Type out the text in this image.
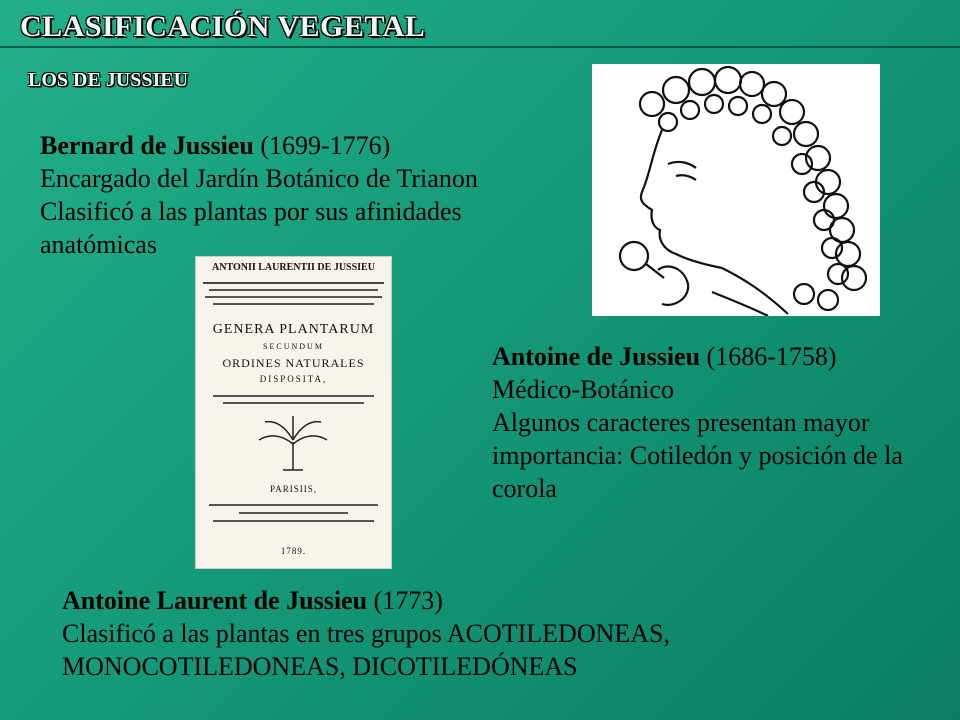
CLASIFICACIÓN VEGETAL
LOS DE JUSSIEU
Bernard de Jussieu (1699-1776)
Encargado del Jardín Botánico de Trianon
Clasificó a las plantas por sus afinidades
anatómicas
ANTONII LAURENTII DE JUSSIEU
GENERA PLANTARUM
SECUNDUM
ORDINES NATURALES
DISPOSITA,
PARISIIS,
1789.
Antoine de Jussieu (1686-1758)
Médico-Botánico
Algunos caracteres presentan mayor importancia: Cotiledón y posición de la corola
Antoine Laurent de Jussieu (1773)
Clasificó a las plantas en tres grupos ACOTILEDONEAS,
MONOCOTILEDONEAS, DICOTILEDÓNEAS
